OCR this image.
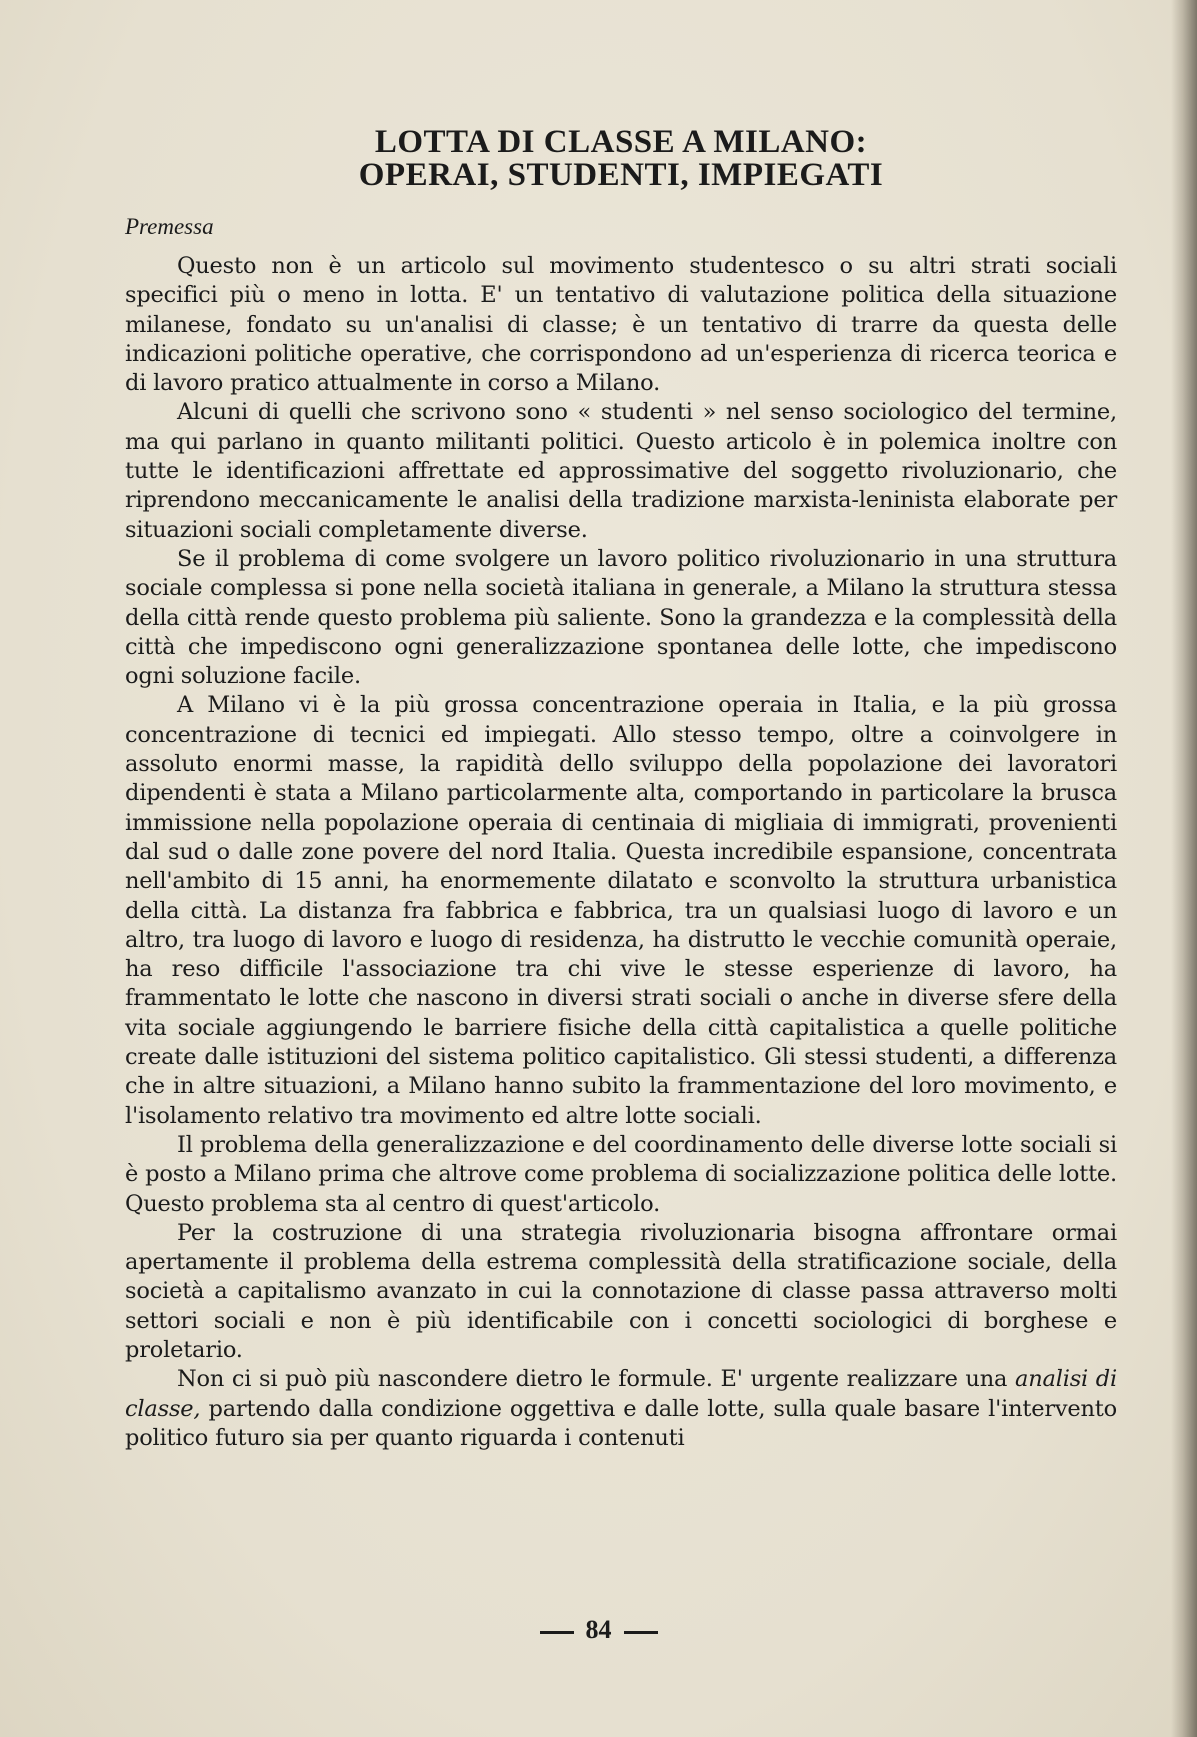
LOTTA DI CLASSE A MILANO:
OPERAI, STUDENTI, IMPIEGATI
Premessa

Questo non è un articolo sul movimento studentesco o su altri strati sociali specifici più o meno in lotta. E' un tentativo di valutazione politica della situazione milanese, fondato su un'analisi di classe; è un tentativo di trarre da questa delle indicazioni politiche operative, che corrispondono ad un'esperienza di ricerca teorica e di lavoro pratico attualmente in corso a Milano.

Alcuni di quelli che scrivono sono « studenti » nel senso sociologico del termine, ma qui parlano in quanto militanti politici. Questo articolo è in polemica inoltre con tutte le identificazioni affrettate ed approssimative del soggetto rivoluzionario, che riprendono meccanicamente le analisi della tradizione marxista-leninista elaborate per situazioni sociali completamente diverse.

Se il problema di come svolgere un lavoro politico rivoluzionario in una struttura sociale complessa si pone nella società italiana in generale, a Milano la struttura stessa della città rende questo problema più saliente. Sono la grandezza e la complessità della città che impediscono ogni generalizzazione spontanea delle lotte, che impediscono ogni soluzione facile.

A Milano vi è la più grossa concentrazione operaia in Italia, e la più grossa concentrazione di tecnici ed impiegati. Allo stesso tempo, oltre a coinvolgere in assoluto enormi masse, la rapidità dello sviluppo della popolazione dei lavoratori dipendenti è stata a Milano particolarmente alta, comportando in particolare la brusca immissione nella popolazione operaia di centinaia di migliaia di immigrati, provenienti dal sud o dalle zone povere del nord Italia. Questa incredibile espansione, concentrata nell'ambito di 15 anni, ha enormemente dilatato e sconvolto la struttura urbanistica della città. La distanza fra fabbrica e fabbrica, tra un qualsiasi luogo di lavoro e un altro, tra luogo di lavoro e luogo di residenza, ha distrutto le vecchie comunità operaie, ha reso difficile l'associazione tra chi vive le stesse esperienze di lavoro, ha frammentato le lotte che nascono in diversi strati sociali o anche in diverse sfere della vita sociale aggiungendo le barriere fisiche della città capitalistica a quelle politiche create dalle istituzioni del sistema politico capitalistico. Gli stessi studenti, a differenza che in altre situazioni, a Milano hanno subito la frammentazione del loro movimento, e l'isolamento relativo tra movimento ed altre lotte sociali.

Il problema della generalizzazione e del coordinamento delle diverse lotte sociali si è posto a Milano prima che altrove come problema di socializzazione politica delle lotte. Questo problema sta al centro di quest'articolo.

Per la costruzione di una strategia rivoluzionaria bisogna affrontare ormai apertamente il problema della estrema complessità della stratificazione sociale, della società a capitalismo avanzato in cui la connotazione di classe passa attraverso molti settori sociali e non è più identificabile con i concetti sociologici di borghese e proletario.

Non ci si può più nascondere dietro le formule. E' urgente realizzare una analisi di classe, partendo dalla condizione oggettiva e dalle lotte, sulla quale basare l'intervento politico futuro sia per quanto riguarda i contenuti

84
